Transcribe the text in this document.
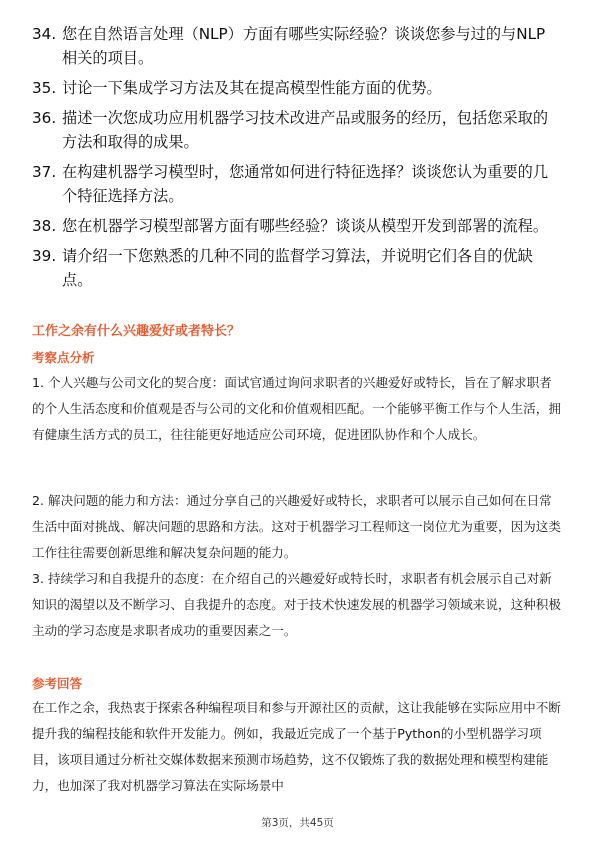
34. 您在自然语言处理（NLP）方面有哪些实际经验？谈谈您参与过的与NLP相关的项目。
35. 讨论一下集成学习方法及其在提高模型性能方面的优势。
36. 描述一次您成功应用机器学习技术改进产品或服务的经历，包括您采取的方法和取得的成果。
37. 在构建机器学习模型时，您通常如何进行特征选择？谈谈您认为重要的几个特征选择方法。
38. 您在机器学习模型部署方面有哪些经验？谈谈从模型开发到部署的流程。
39. 请介绍一下您熟悉的几种不同的监督学习算法，并说明它们各自的优缺点。
工作之余有什么兴趣爱好或者特长？
考察点分析
1. 个人兴趣与公司文化的契合度：面试官通过询问求职者的兴趣爱好或特长，旨在了解求职者的个人生活态度和价值观是否与公司的文化和价值观相匹配。一个能够平衡工作与个人生活，拥有健康生活方式的员工，往往能更好地适应公司环境，促进团队协作和个人成长。
2. 解决问题的能力和方法：通过分享自己的兴趣爱好或特长，求职者可以展示自己如何在日常生活中面对挑战、解决问题的思路和方法。这对于机器学习工程师这一岗位尤为重要，因为这类工作往往需要创新思维和解决复杂问题的能力。
3. 持续学习和自我提升的态度：在介绍自己的兴趣爱好或特长时，求职者有机会展示自己对新知识的渴望以及不断学习、自我提升的态度。对于技术快速发展的机器学习领域来说，这种积极主动的学习态度是求职者成功的重要因素之一。
参考回答
在工作之余，我热衷于探索各种编程项目和参与开源社区的贡献，这让我能够在实际应用中不断提升我的编程技能和软件开发能力。例如，我最近完成了一个基于Python的小型机器学习项目，该项目通过分析社交媒体数据来预测市场趋势，这不仅锻炼了我的数据处理和模型构建能力，也加深了我对机器学习算法在实际场景中
第3页，共45页
